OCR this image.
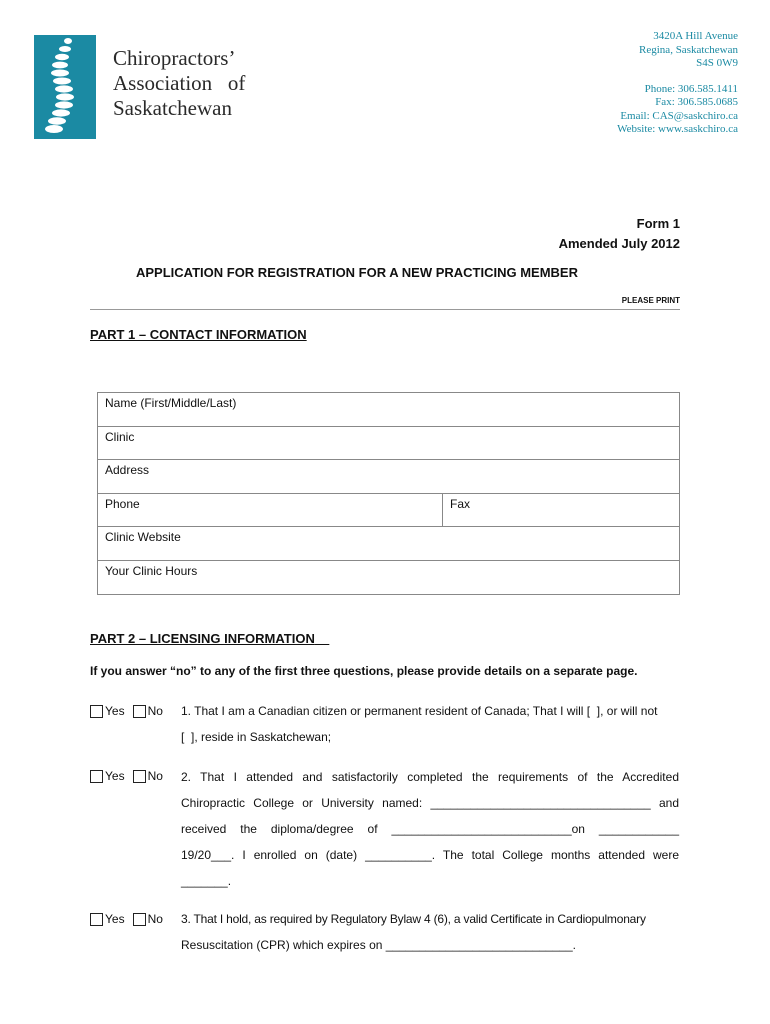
Chiropractors’
Association   of
Saskatchewan
3420A Hill Avenue
Regina, Saskatchewan
S4S 0W9
Phone: 306.585.1411
Fax: 306.585.0685
Email: CAS@saskchiro.ca
Website: www.saskchiro.ca
Form 1
Amended July 2012
APPLICATION FOR REGISTRATION FOR A NEW PRACTICING MEMBER
PLEASE PRINT
PART 1 – CONTACT INFORMATION
Name (First/Middle/Last)
Clinic
Address
Phone	Fax
Clinic Website
Your Clinic Hours
PART 2 – LICENSING INFORMATION
If you answer “no” to any of the first three questions, please provide details on a separate page.
Yes No 1. That I am a Canadian citizen or permanent resident of Canada; That I will [  ], or will not
[  ], reside in Saskatchewan;
Yes No 2. That I attended and satisfactorily completed the requirements of the Accredited
Chiropractic College or University named: _________________________________ and
received the diploma/degree of ___________________________on ____________
19/20___. I enrolled on (date) __________. The total College months attended were
_______.
Yes No 3. That I hold, as required by Regulatory Bylaw 4 (6), a valid Certificate in Cardiopulmonary
Resuscitation (CPR) which expires on ____________________________.
